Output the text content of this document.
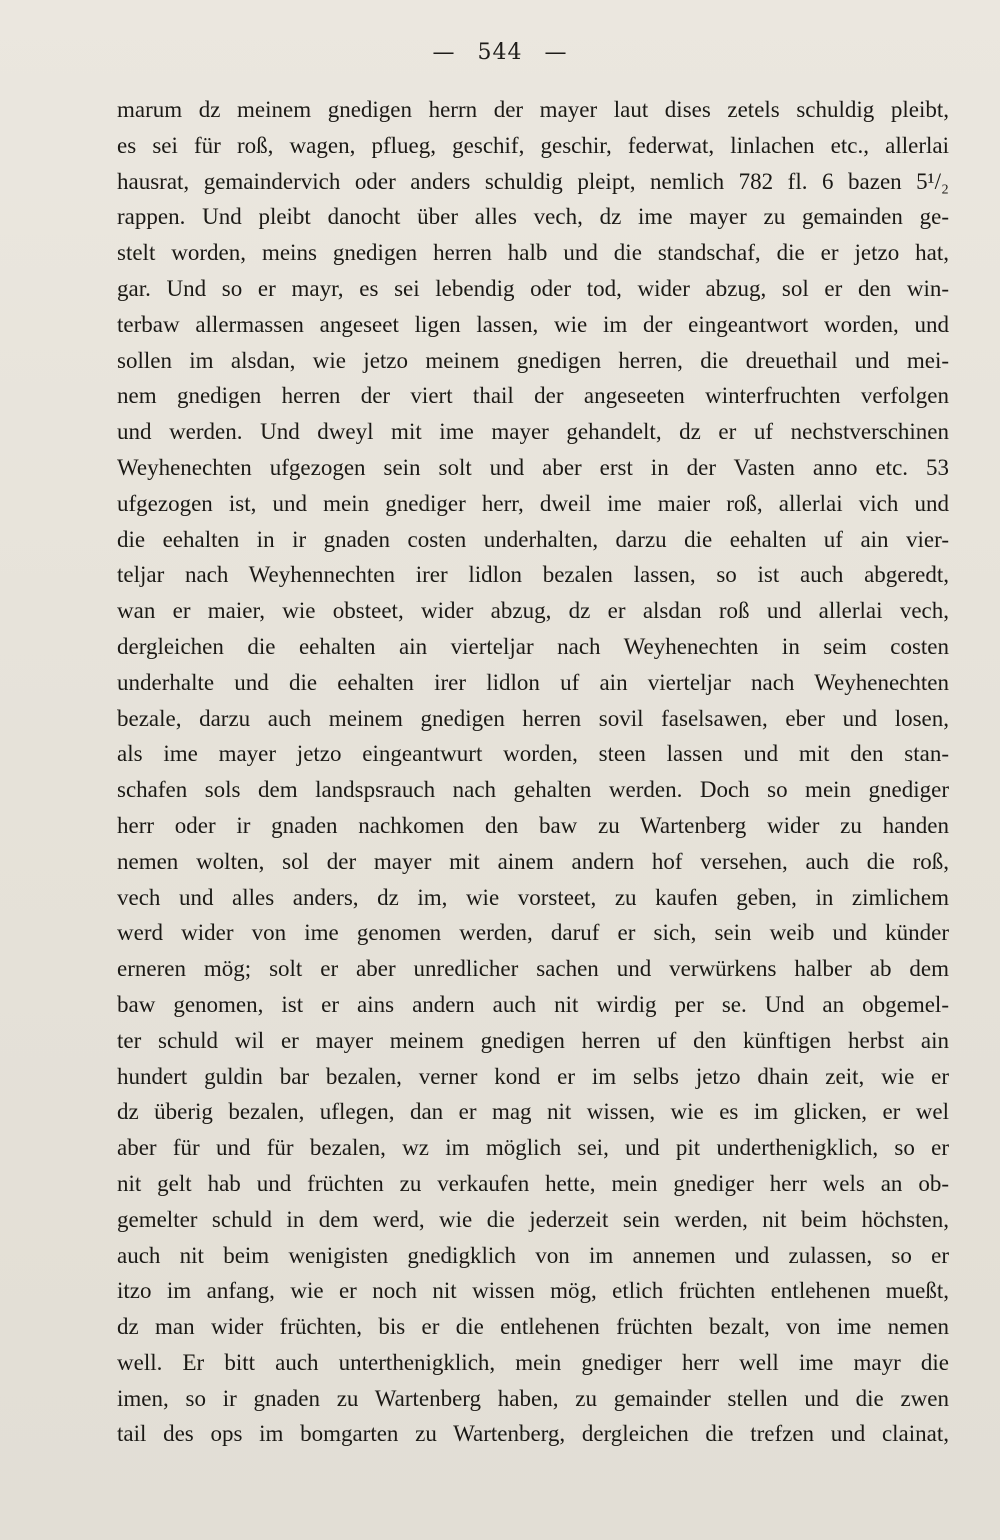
— 544 —
marum dz meinem gnedigen herrn der mayer laut dises zetels schuldig pleibt,
es sei für roß, wagen, pflueg, geschif, geschir, federwat, linlachen etc., allerlai
hausrat, gemaindervich oder anders schuldig pleipt, nemlich 782 fl. 6 bazen 5¹/₂
rappen. Und pleibt danocht über alles vech, dz ime mayer zu gemainden ge-
stelt worden, meins gnedigen herren halb und die standschaf, die er jetzo hat,
gar. Und so er mayr, es sei lebendig oder tod, wider abzug, sol er den win-
terbaw allermassen angeseet ligen lassen, wie im der eingeantwort worden, und
sollen im alsdan, wie jetzo meinem gnedigen herren, die dreuethail und mei-
nem gnedigen herren der viert thail der angeseeten winterfruchten verfolgen
und werden. Und dweyl mit ime mayer gehandelt, dz er uf nechstverschinen
Weyhenechten ufgezogen sein solt und aber erst in der Vasten anno etc. 53
ufgezogen ist, und mein gnediger herr, dweil ime maier roß, allerlai vich und
die eehalten in ir gnaden costen underhalten, darzu die eehalten uf ain vier-
teljar nach Weyhennechten irer lidlon bezalen lassen, so ist auch abgeredt,
wan er maier, wie obsteet, wider abzug, dz er alsdan roß und allerlai vech,
dergleichen die eehalten ain vierteljar nach Weyhenechten in seim costen
underhalte und die eehalten irer lidlon uf ain vierteljar nach Weyhenechten
bezale, darzu auch meinem gnedigen herren sovil faselsawen, eber und losen,
als ime mayer jetzo eingeantwurt worden, steen lassen und mit den stan-
schafen sols dem landspsrauch nach gehalten werden. Doch so mein gnediger
herr oder ir gnaden nachkomen den baw zu Wartenberg wider zu handen
nemen wolten, sol der mayer mit ainem andern hof versehen, auch die roß,
vech und alles anders, dz im, wie vorsteet, zu kaufen geben, in zimlichem
werd wider von ime genomen werden, daruf er sich, sein weib und künder
erneren mög; solt er aber unredlicher sachen und verwürkens halber ab dem
baw genomen, ist er ains andern auch nit wirdig per se. Und an obgemel-
ter schuld wil er mayer meinem gnedigen herren uf den künftigen herbst ain
hundert guldin bar bezalen, verner kond er im selbs jetzo dhain zeit, wie er
dz überig bezalen, uflegen, dan er mag nit wissen, wie es im glicken, er wel
aber für und für bezalen, wz im möglich sei, und pit underthenigklich, so er
nit gelt hab und früchten zu verkaufen hette, mein gnediger herr wels an ob-
gemelter schuld in dem werd, wie die jederzeit sein werden, nit beim höchsten,
auch nit beim wenigisten gnedigklich von im annemen und zulassen, so er
itzo im anfang, wie er noch nit wissen mög, etlich früchten entlehenen mueßt,
dz man wider früchten, bis er die entlehenen früchten bezalt, von ime nemen
well. Er bitt auch unterthenigklich, mein gnediger herr well ime mayr die
imen, so ir gnaden zu Wartenberg haben, zu gemainder stellen und die zwen
tail des ops im bomgarten zu Wartenberg, dergleichen die trefzen und clainat,
